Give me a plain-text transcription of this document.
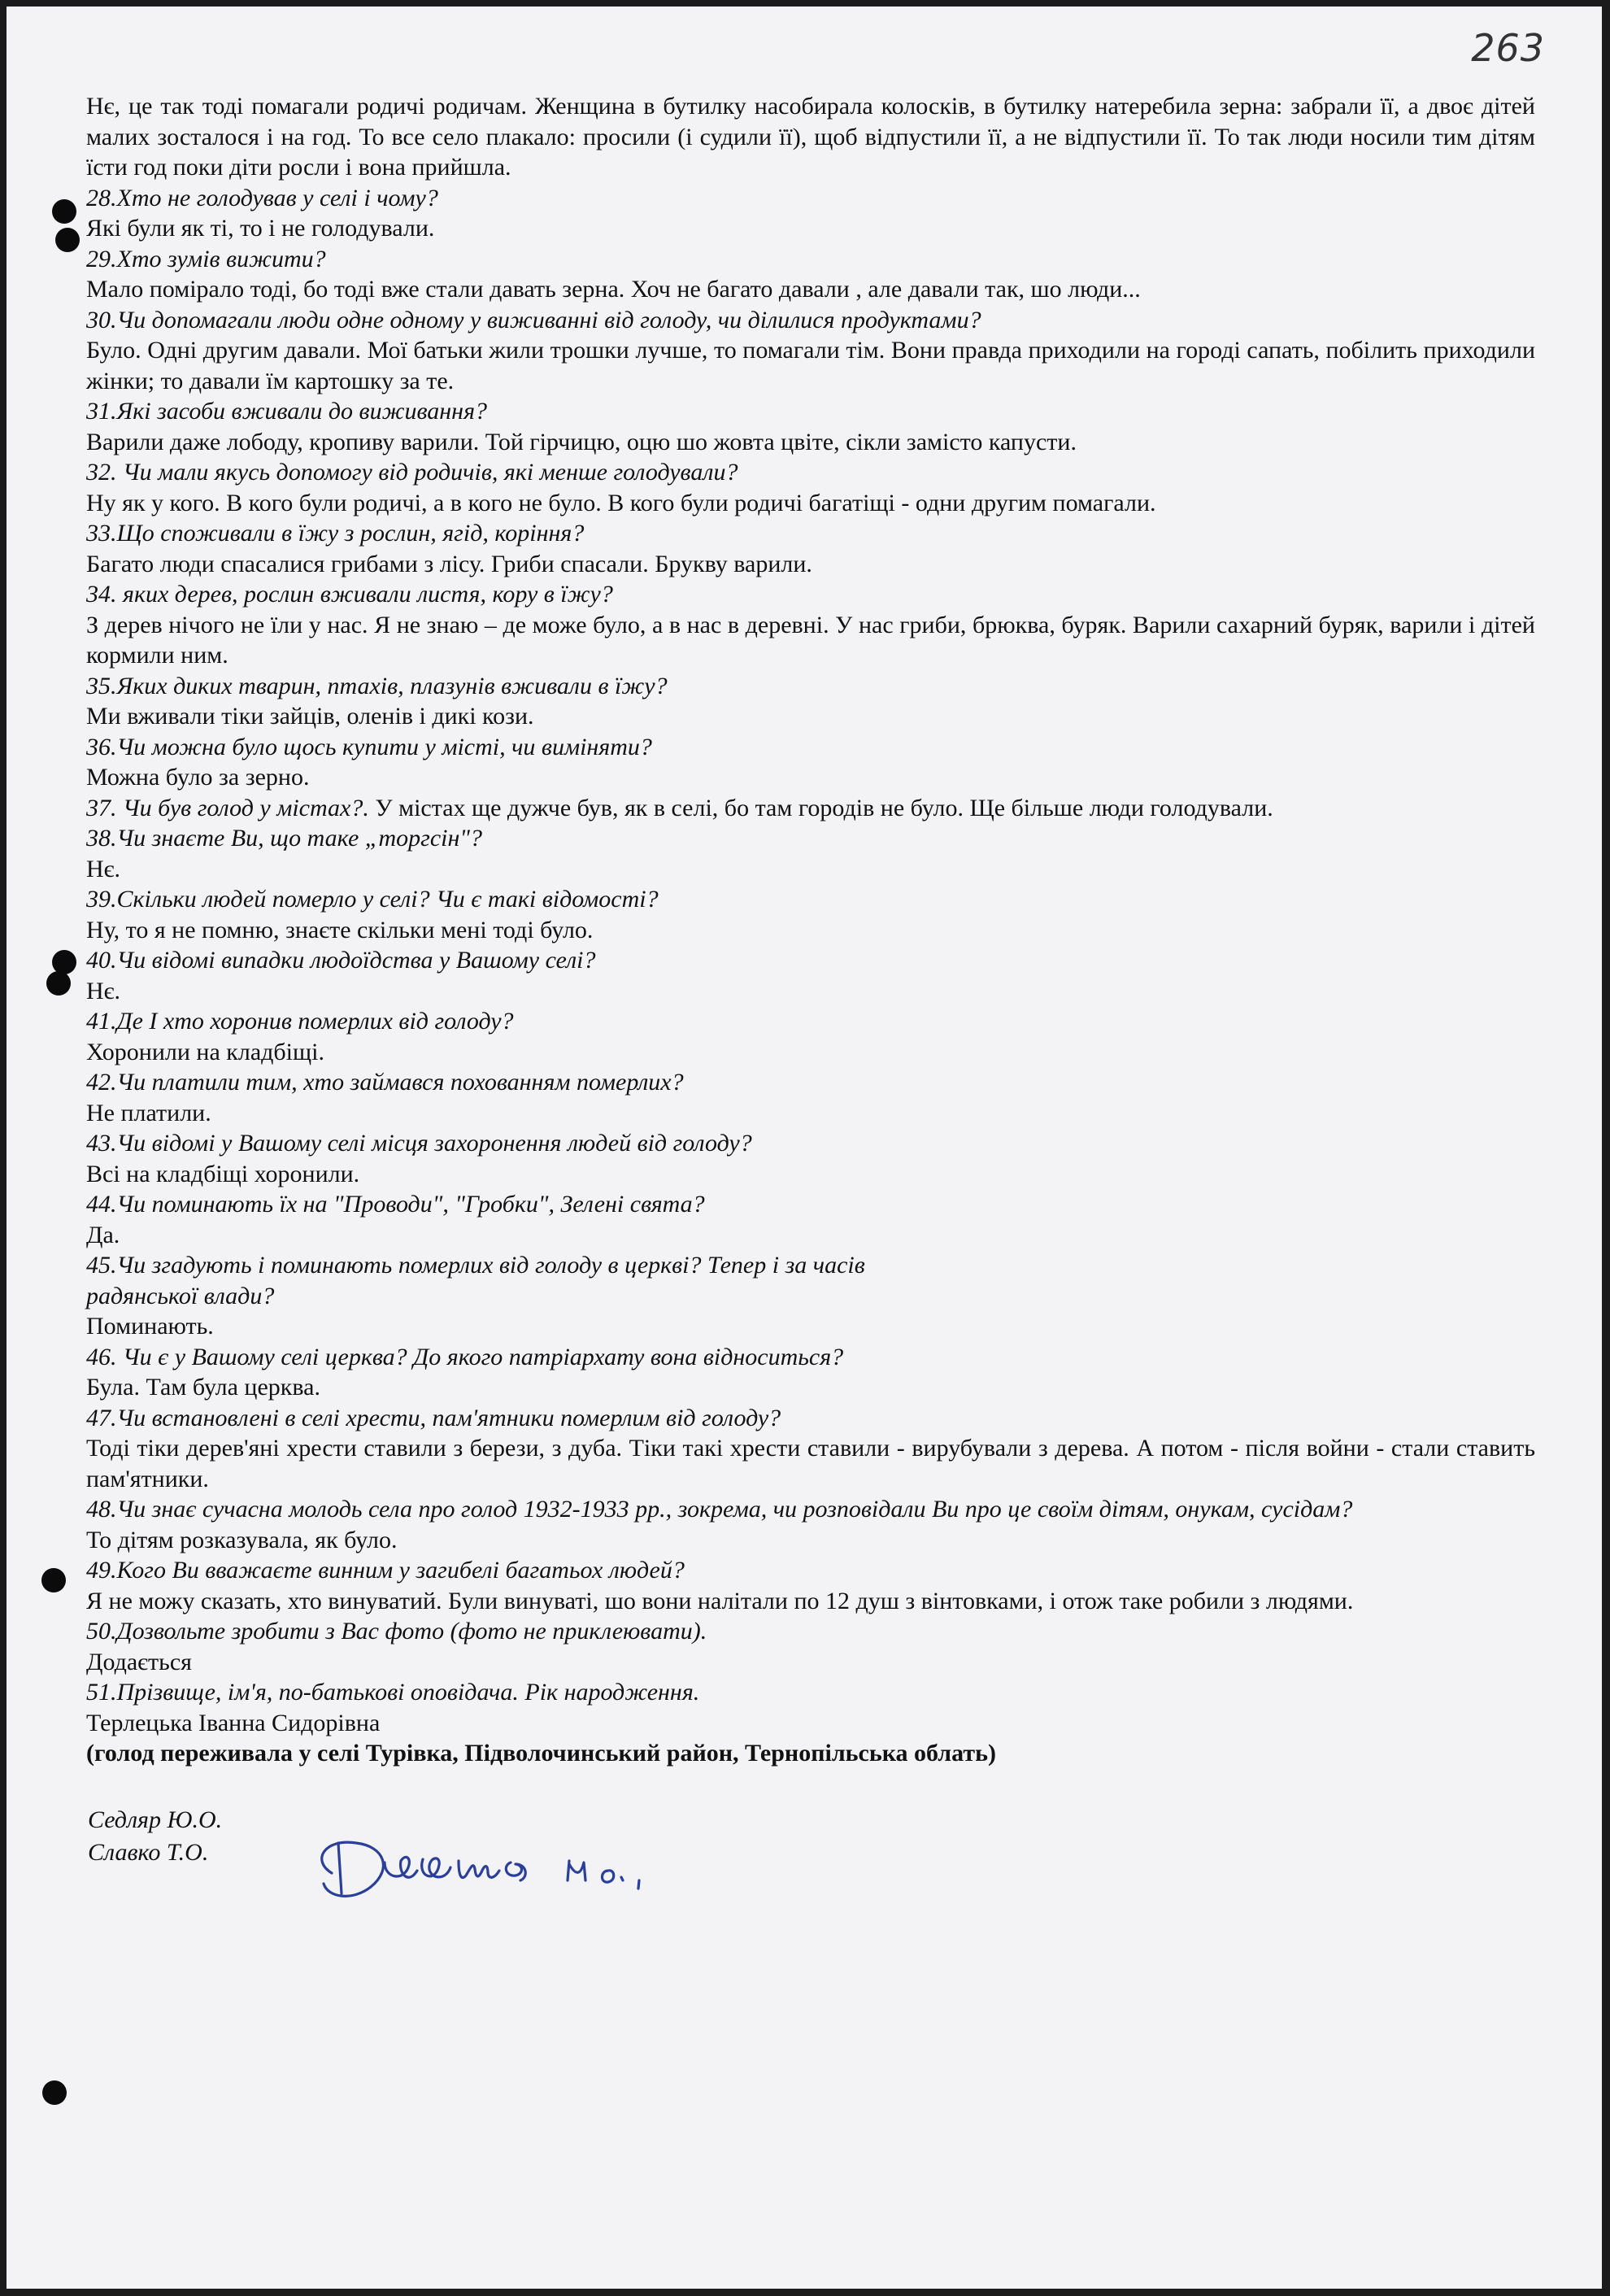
263

Нє, це так тоді помагали родичі родичам. Женщина в бутилку насобирала колосків, в бутилку натеребила зерна: забрали її, а двоє дітей малих зосталося і на год. То все село плакало: просили (і судили її), щоб відпустили її, а не відпустили її. То так люди носили тим дітям їсти год поки діти росли і вона прийшла.

28.Хто не голодував у селі і чому?

Які були як ті, то і не голодували.

29.Хто зумів вижити?

Мало помірало тоді, бо тоді вже стали давать зерна. Хоч не багато давали , але давали так, шо люди...

30.Чи допомагали люди одне одному у виживанні від голоду, чи ділилися продуктами?

Було. Одні другим давали. Мої батьки жили трошки лучше, то помагали тім. Вони правда приходили на городі сапать, побілить приходили жінки; то давали їм картошку за те.

31.Які засоби вживали до виживання?

Варили даже лободу, кропиву варили. Той гірчицю, оцю шо жовта цвіте, сікли замісто капусти.

32. Чи мали якусь допомогу від родичів, які менше голодували?

Ну як у кого. В кого були родичі, а в кого не було. В кого були родичі багатіщі - одни другим помагали.

33.Що споживали в їжу з рослин, ягід, коріння?

Багато люди спасалися грибами з лісу. Гриби спасали. Брукву варили.

34. яких дерев, рослин вживали листя, кору в їжу?

З дерев нічого не їли у нас. Я не знаю – де може було, а в нас в деревні. У нас гриби, брюква, буряк. Варили сахарний буряк, варили і дітей кормили ним.

35.Яких диких тварин, птахів, плазунів вживали в їжу?

Ми вживали тіки зайців, оленів і дикі кози.

36.Чи можна було щось купити у місті, чи виміняти?

Можна було за зерно.

37. Чи був голод у містах?. У містах ще дужче був, як в селі, бо там городів не було. Ще більше люди голодували.

38.Чи знаєте Ви, що таке „торгсін"?

Нє.

39.Скільки людей померло у селі? Чи є такі відомості?

Ну, то я не помню, знаєте скільки мені тоді було.

40.Чи відомі випадки людоїдства у Вашому селі?

Нє.

41.Де І хто хоронив померлих від голоду?

Хоронили на кладбіщі.

42.Чи платили тим, хто займався похованням померлих?

Не платили.

43.Чи відомі у Вашому селі місця захоронення людей від голоду?

Всі на кладбіщі хоронили.

44.Чи поминають їх на "Проводи", "Гробки", Зелені свята?

Да.

45.Чи згадують і поминають померлих від голоду в церкві? Тепер і за часів радянської влади?

Поминають.

46. Чи є у Вашому селі церква? До якого патріархату вона відноситься?

Була. Там була церква.

47.Чи встановлені в селі хрести, пам'ятники померлим від голоду?

Тоді тіки дерев'яні хрести ставили з берези, з дуба. Тіки такі хрести ставили - вирубували з дерева. А потом - після войни - стали ставить пам'ятники.

48.Чи знає сучасна молодь села про голод 1932-1933 рр., зокрема, чи розповідали Ви про це своїм дітям, онукам, сусідам?

То дітям розказувала, як було.

49.Кого Ви вважаєте винним у загибелі багатьох людей?

Я не можу сказать, хто винуватий. Були винуваті, шо вони налітали по 12 душ з вінтовками, і отож таке робили з людями.

50.Дозвольте зробити з Вас фото (фото не приклеювати).

Додається

51.Прізвище, ім'я, по-батькові оповідача. Рік народження.

Терлецька Іванна Сидорівна

(голод переживала у селі Турівка, Підволочинський район, Тернопільська облать)

Седляр Ю.О.
Славко Т.О.
